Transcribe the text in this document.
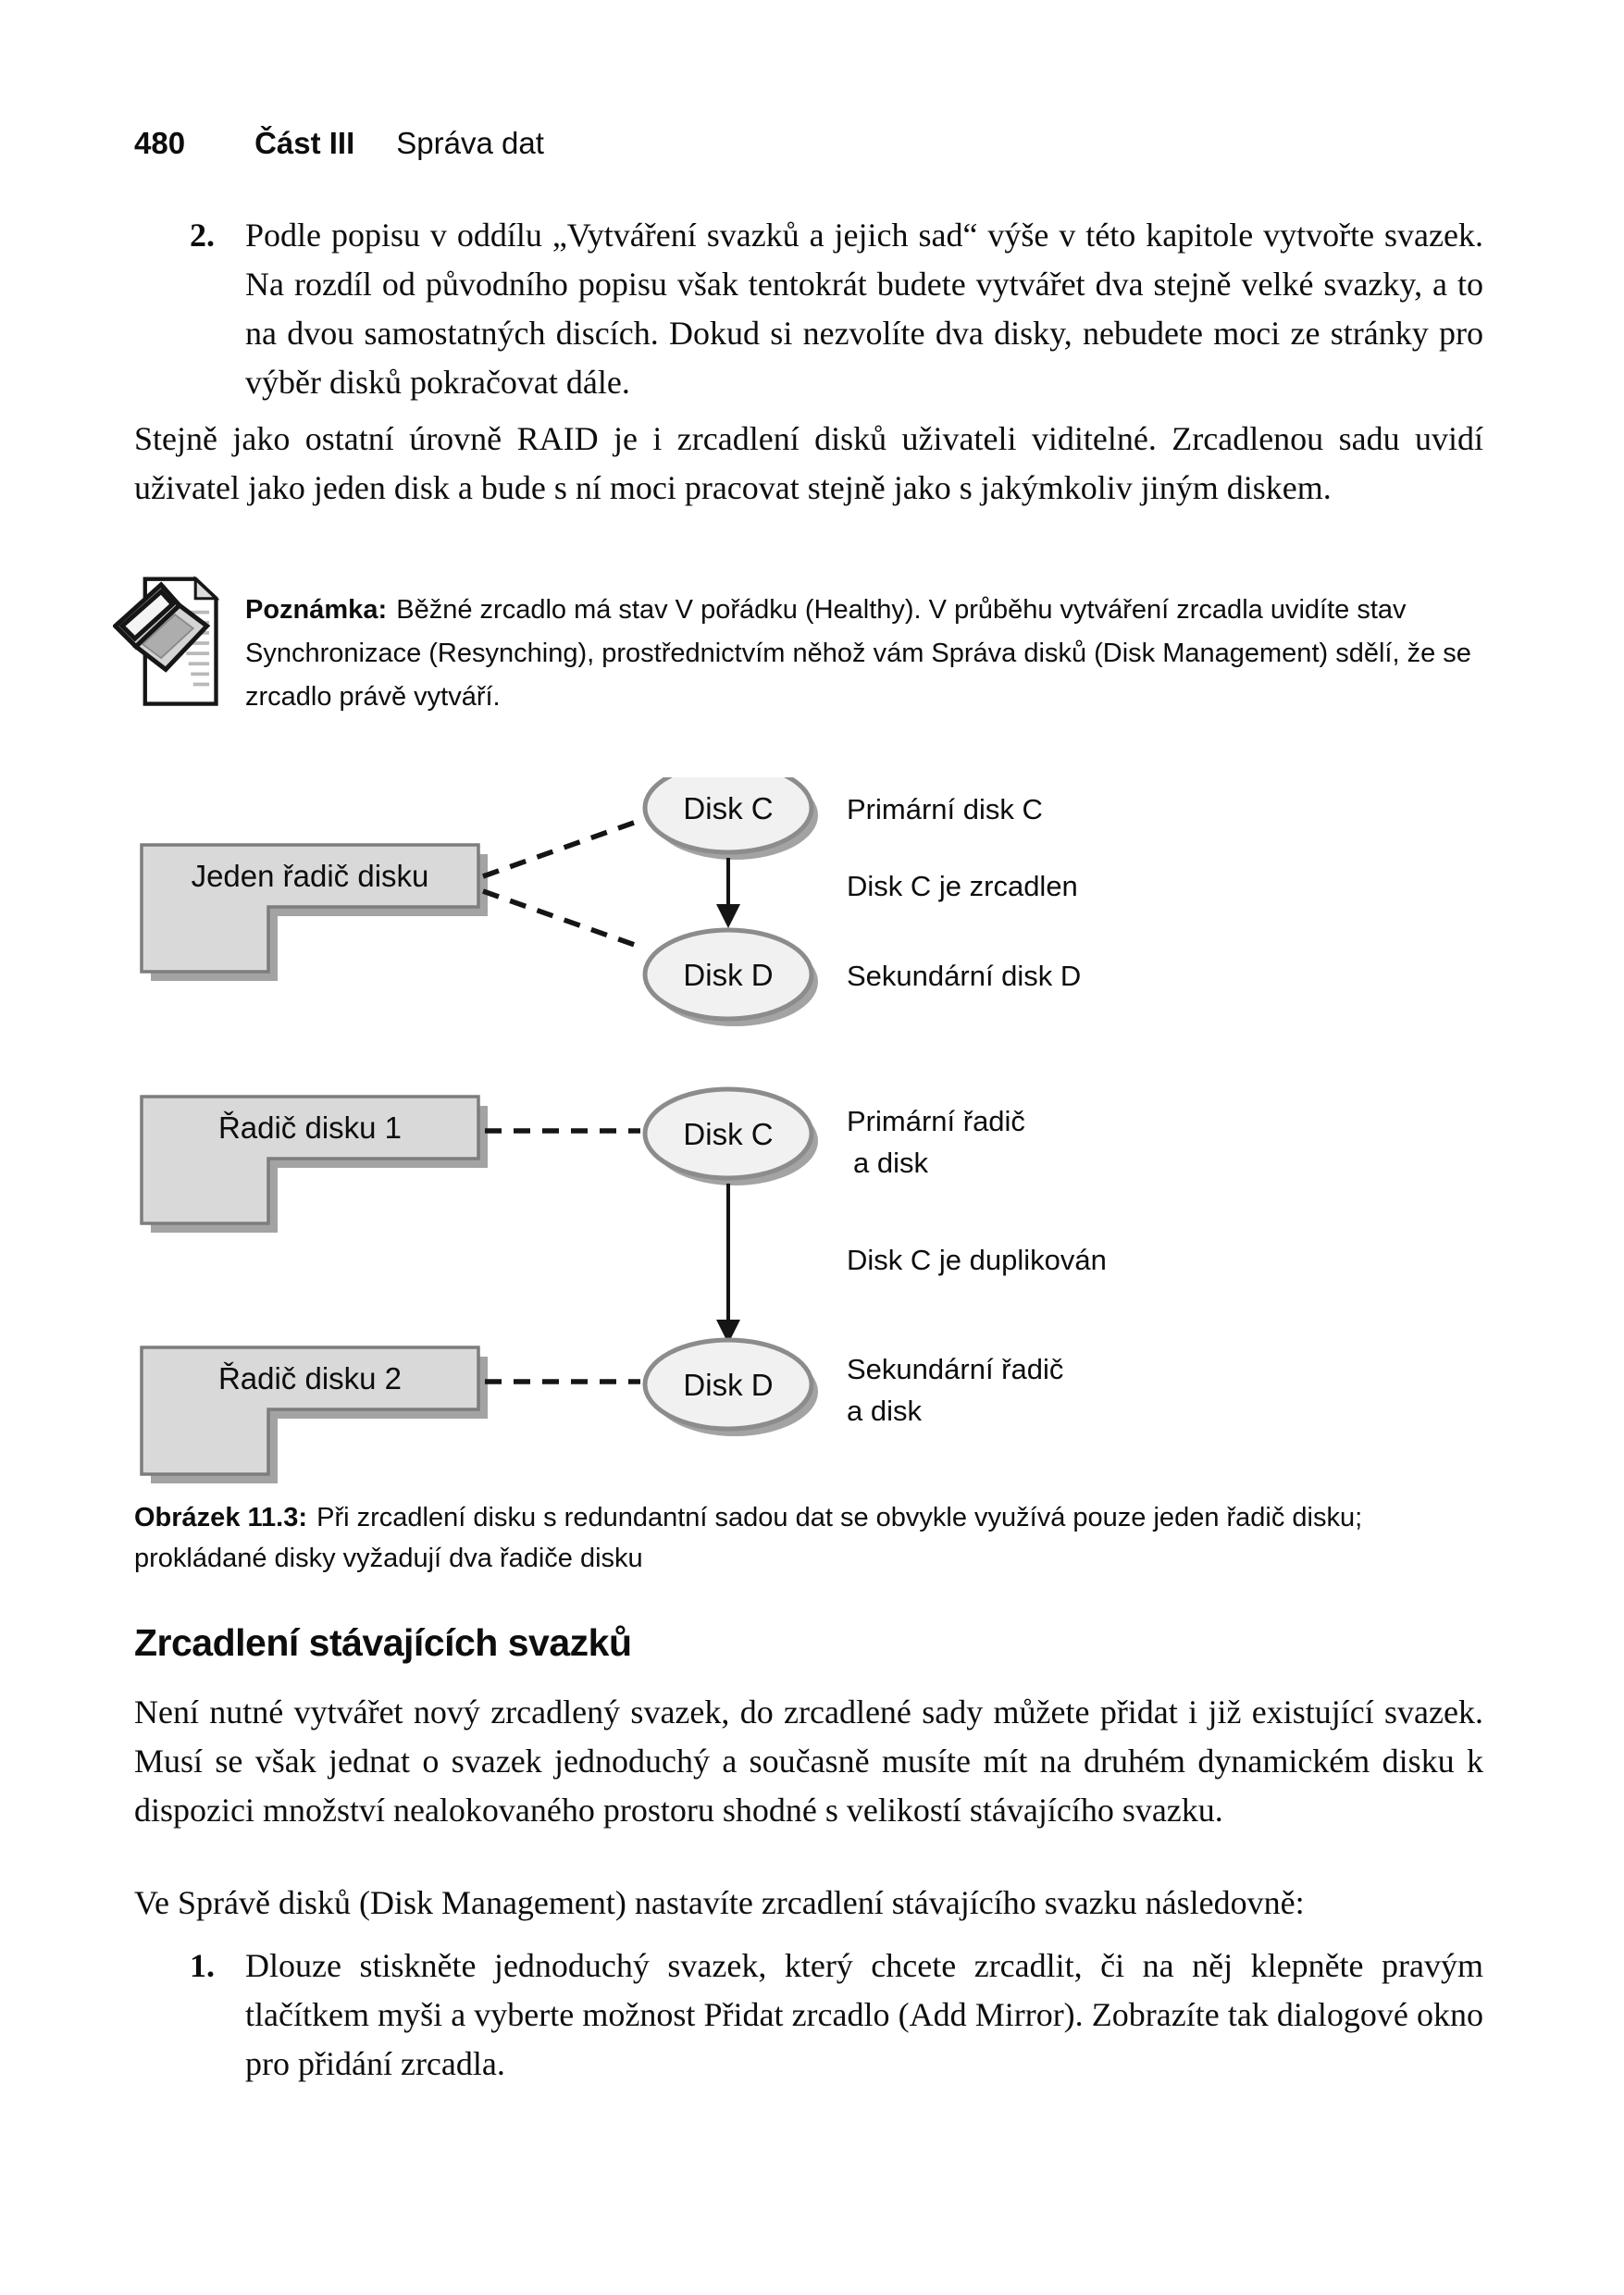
480 Část III Správa dat
2. Podle popisu v oddílu „Vytváření svazků a jejich sad“ výše v této kapitole vytvořte svazek. Na rozdíl od původního popisu však tentokrát budete vytvářet dva stejně velké svazky, a to na dvou samostatných discích. Dokud si nezvolíte dva disky, nebudete moci ze stránky pro výběr disků pokračovat dále.
Stejně jako ostatní úrovně RAID je i zrcadlení disků uživateli viditelné. Zrcadlenou sadu uvidí uživatel jako jeden disk a bude s ní moci pracovat stejně jako s jakýmkoliv jiným diskem.
Poznámka: Běžné zrcadlo má stav V pořádku (Healthy). V průběhu vytváření zrcadla uvidíte stav Synchronizace (Resynching), prostřednictvím něhož vám Správa disků (Disk Management) sdělí, že se zrcadlo právě vytváří.
Jeden řadič disku
Disk C
Disk D
Primární disk C
Disk C je zrcadlen
Sekundární disk D
Řadič disku 1	Disk C	Primární řadič
a disk
Disk C je duplikován
Řadič disku 2	Disk D	Sekundární řadič
a disk
Obrázek 11.3: Při zrcadlení disku s redundantní sadou dat se obvykle využívá pouze jeden řadič disku; prokládané disky vyžadují dva řadiče disku
Zrcadlení stávajících svazků
Není nutné vytvářet nový zrcadlený svazek, do zrcadlené sady můžete přidat i již existující svazek. Musí se však jednat o svazek jednoduchý a současně musíte mít na druhém dynamickém disku k dispozici množství nealokovaného prostoru shodné s velikostí stávajícího svazku.
Ve Správě disků (Disk Management) nastavíte zrcadlení stávajícího svazku následovně:
1. Dlouze stiskněte jednoduchý svazek, který chcete zrcadlit, či na něj klepněte pravým tlačítkem myši a vyberte možnost Přidat zrcadlo (Add Mirror). Zobrazíte tak dialogové okno pro přidání zrcadla.
